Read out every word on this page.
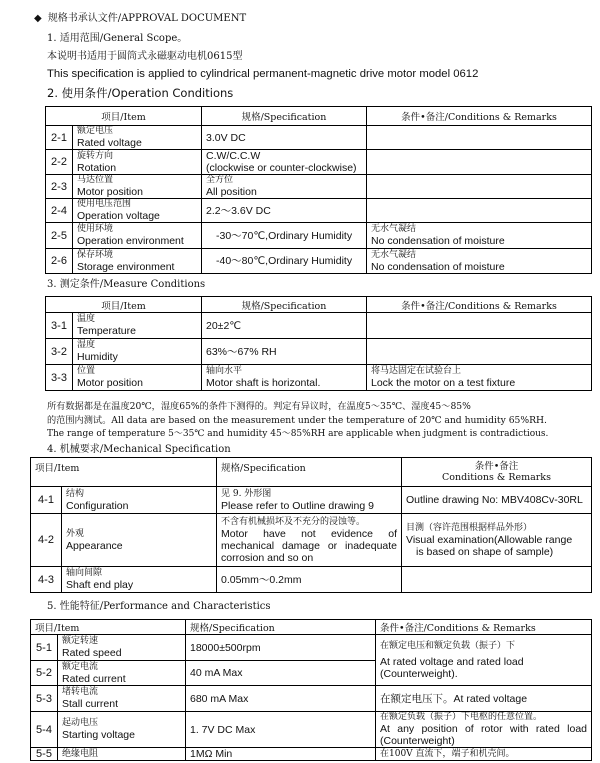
◆ 规格书承认文件/APPROVAL DOCUMENT
1. 适用范围/General Scope。
本说明书适用于圆筒式永磁驱动电机0615型
This specification is applied to cylindrical permanent-magnetic drive motor model 0612
2. 使用条件/Operation Conditions
项目/Item		规格/Specification	条件•备注/Conditions & Remarks
2-1	额定电压
Rated voltage	3.0V DC	
2-2	旋转方向
Rotation	C.W/C.C.W
(clockwise or counter-clockwise)	

2-3	马达位置
Motor position	全方位
All position	

2-4	使用电压范围
Operation voltage	2.2～3.6V DC	
2-5	使用环境
Operation environment	-30～70℃,Ordinary Humidity	无水气凝结
No condensation of moisture

2-6	保存环境
Storage environment	-40～80℃,Ordinary Humidity	无水气凝结
No condensation of moisture
3. 测定条件/Measure Conditions
项目/Item		规格/Specification	条件•备注/Conditions & Remarks
3-1	温度
Temperature	20±2℃	
3-2	湿度
Humidity	63%～67% RH	
3-3	位置
Motor position	轴向水平
Motor shaft is horizontal.	将马达固定在试验台上
Lock the motor on a test fixture
所有数据都是在温度20℃，湿度65%的条件下测得的。判定有异议时，在温度5～35℃、湿度45～85%
的范围内测试。All data are based on the measurement under the temperature of 20℃ and humidity 65%RH.
The range of temperature 5～35℃ and humidity 45～85%RH are applicable when judgment is contradictious.
4. 机械要求/Mechanical Specification
项目/Item		规格/Specification	条件•备注
Conditions & Remarks

4-1	结构
Configuration	见 9. 外形图
Please refer to Outline drawing 9	Outline drawing No: MBV408Cv-30RL
4-2	外观
Appearance	不含有机械损坏及不充分的浸蚀等。
Motor have not evidence of
mechanical damage or inadequate
corrosion and so on	目测（容许范围根据样品外形）
Visual examination(Allowable range
is based on shape of sample)

4-3	轴向间隙
Shaft end play	0.05mm～0.2mm	
5. 性能特征/Performance and Characteristics
项目/Item		规格/Specification	条件•备注/Conditions & Remarks
5-1	额定转速
Rated speed	18000±500rpm	在额定电压和额定负载（振子）下
At rated voltage and rated load (Counterweight).

5-2	额定电流
Rated current	40 mA Max	
5-3	堵转电流
Stall current	680 mA Max	在额定电压下。At rated voltage
5-4	起动电压
Starting voltage	1. 7V DC Max	在额定负载（振子）下电枢的任意位置。
At any position of rotor with rated load
(Counterweight)

5-5	绝缘电阻	1MΩ Min	在100V 直流下，端子和机壳间。
